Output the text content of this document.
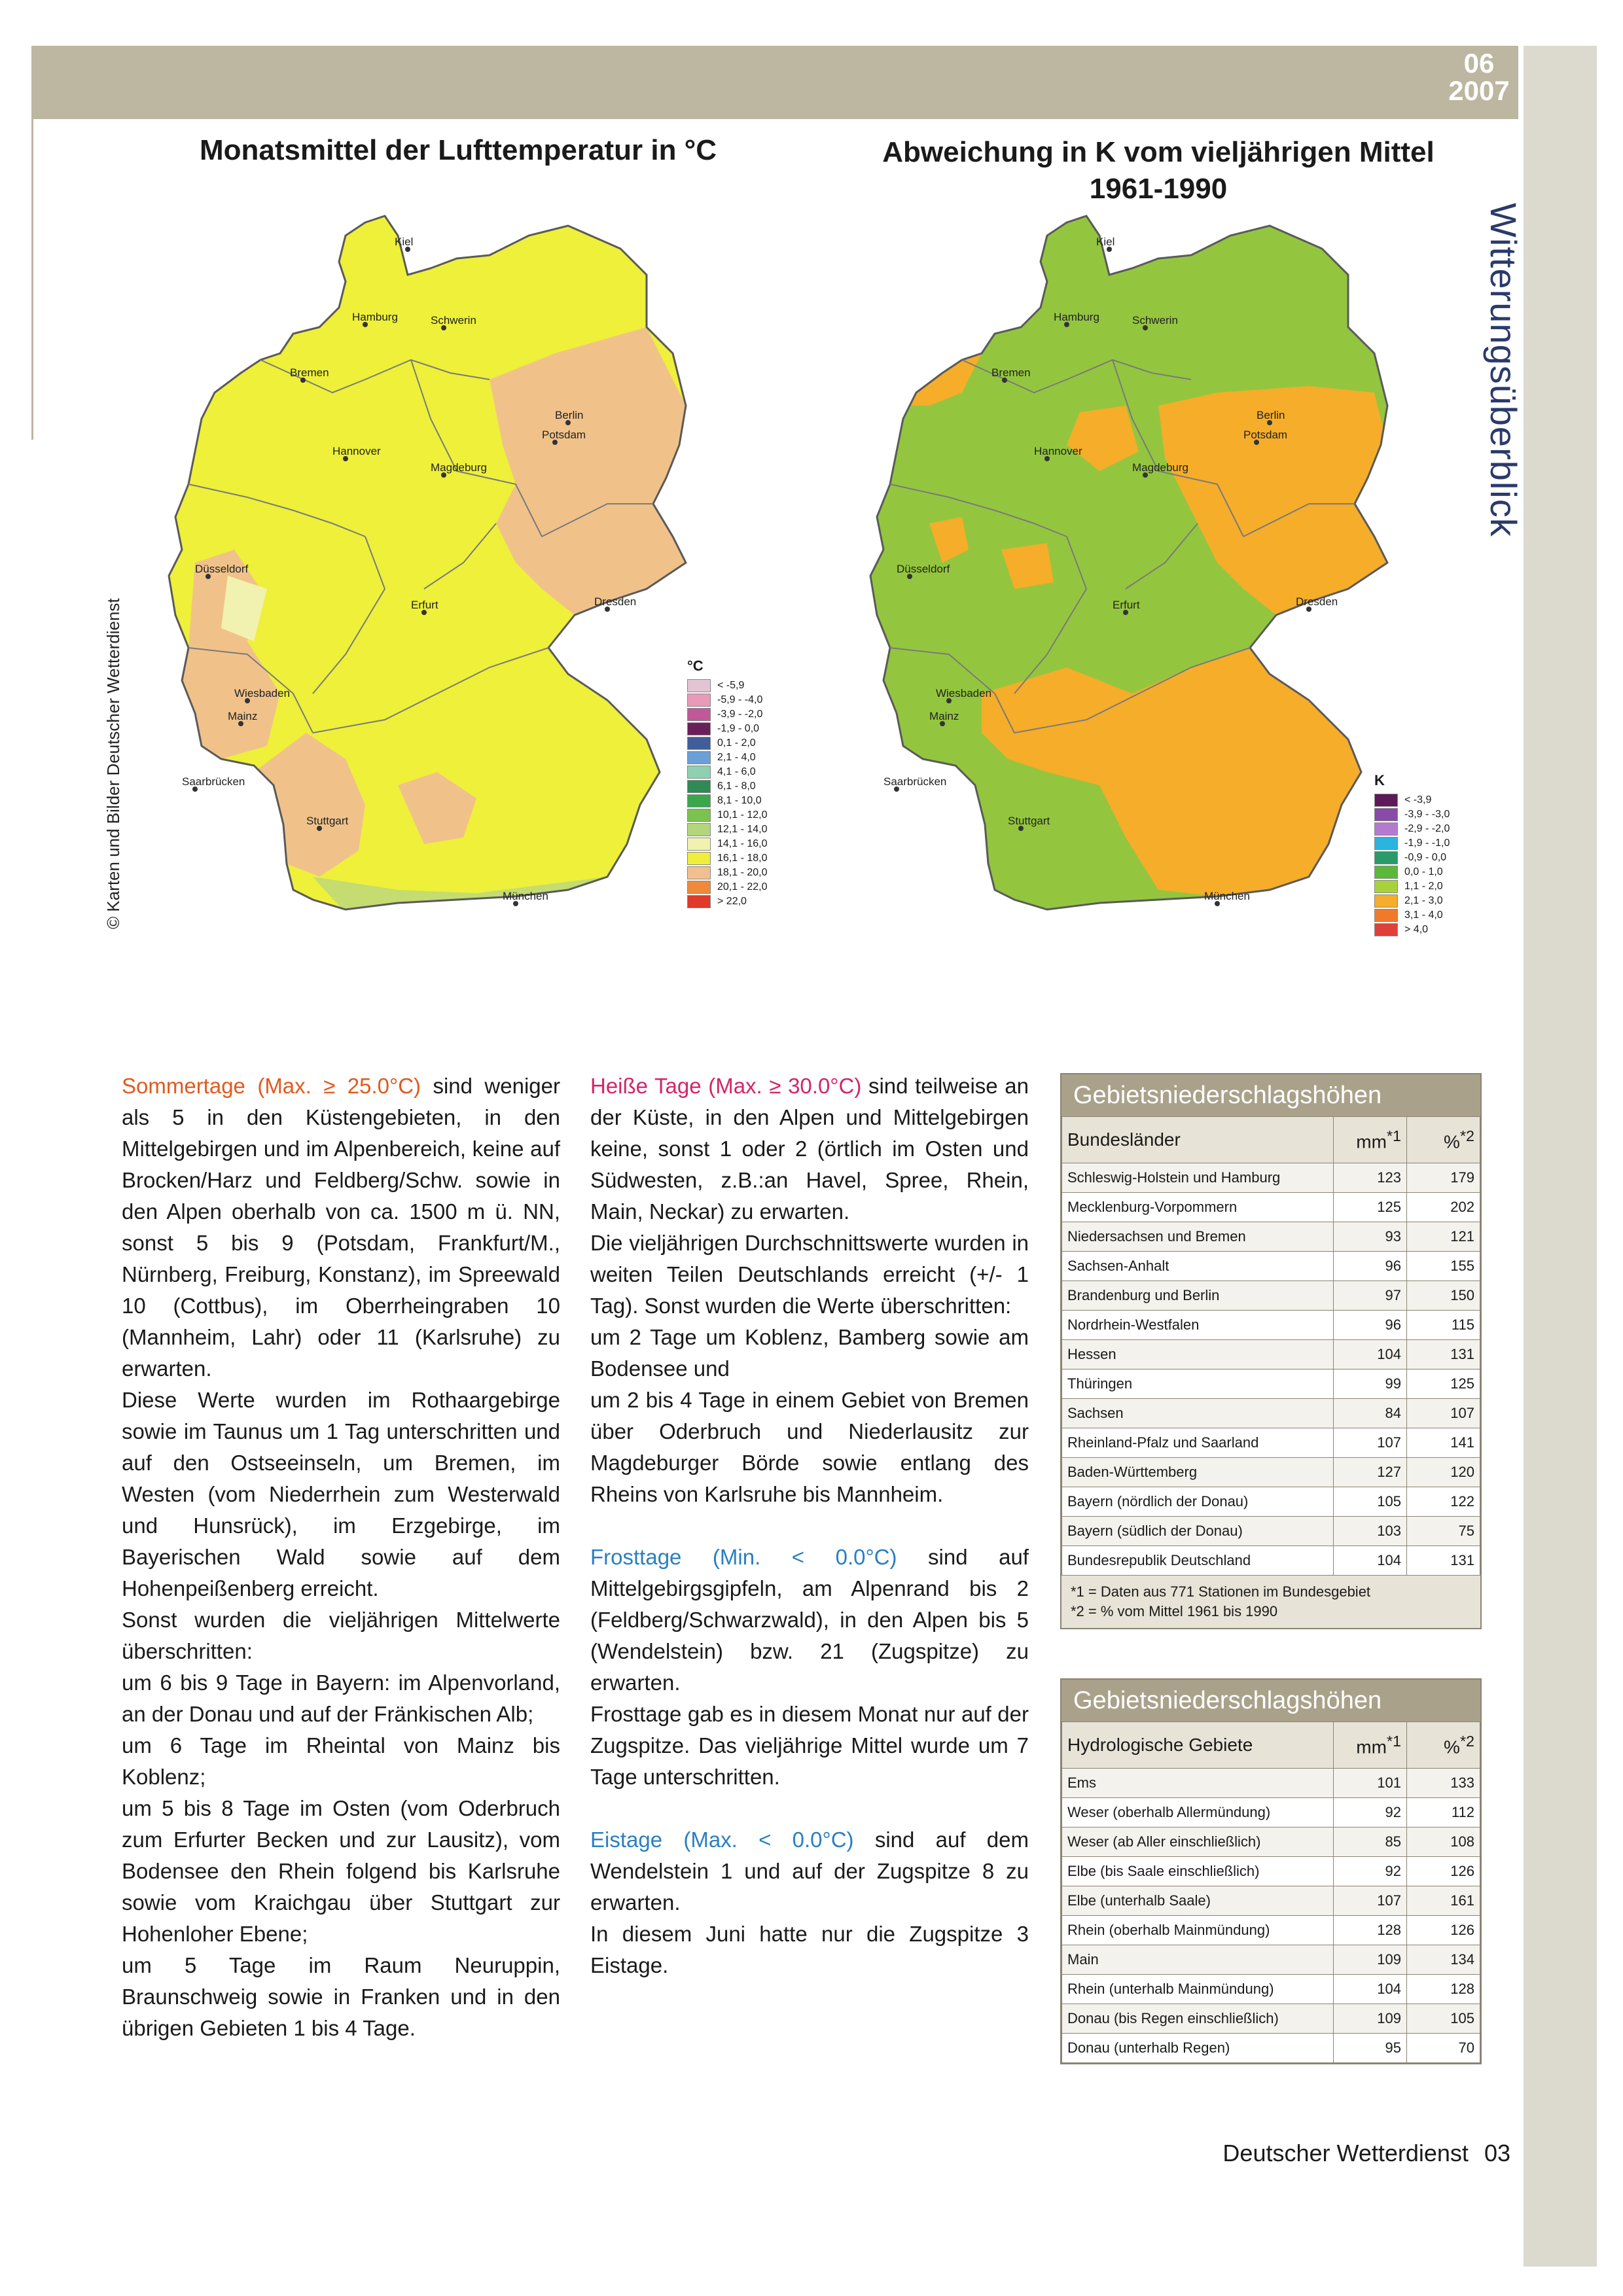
06
2007
Witterungsüberblick
Monatsmittel der Lufttemperatur in °C	Abweichung in K vom vieljährigen Mittel
1961-1990
© Karten und Bilder Deutscher Wetterdienst
Kiel
Hamburg	Schwerin
Bremen
Berlin
Hannover
Potsdam
Magdeburg
Düsseldorf
Erfurt	Dresden
Wiesbaden
Mainz
Saarbrücken
Stuttgart
München
°C
< -5,9
-5,9 - -4,0
-3,9 - -2,0
-1,9 - 0,0
0,1 - 2,0
2,1 - 4,0
4,1 - 6,0
6,1 - 8,0
8,1 - 10,0
10,1 - 12,0
12,1 - 14,0
14,1 - 16,0
16,1 - 18,0
18,1 - 20,0
20,1 - 22,0
> 22,0
Kiel
Hamburg	Schwerin
Bremen
Berlin
Hannover
Potsdam
Magdeburg
Düsseldorf
Erfurt	Dresden
Wiesbaden
Mainz
Saarbrücken
Stuttgart
München
K
< -3,9
-3,9 - -3,0
-2,9 - -2,0
-1,9 - -1,0
-0,9 - 0,0
0,0 - 1,0
1,1 - 2,0
2,1 - 3,0
3,1 - 4,0
> 4,0

Sommertage (Max. ≥ 25.0°C) sind weniger als 5 in den Küstengebieten, in den Mittelgebirgen und im Alpenbereich, keine auf Brocken/Harz und Feldberg/Schw. sowie in den Alpen oberhalb von ca. 1500 m ü. NN, sonst 5 bis 9 (Potsdam, Frankfurt/M., Nürnberg, Freiburg, Konstanz), im Spreewald 10 (Cottbus), im Oberrheingraben 10 (Mannheim, Lahr) oder 11 (Karlsruhe) zu erwarten.

Diese Werte wurden im Rothaargebirge sowie im Taunus um 1 Tag unterschritten und auf den Ostseeinseln, um Bremen, im Westen (vom Niederrhein zum Westerwald und Hunsrück), im Erzgebirge, im Bayerischen Wald sowie auf dem Hohenpeißenberg erreicht.

Sonst wurden die vieljährigen Mittelwerte überschritten:

um 6 bis 9 Tage in Bayern: im Alpenvorland, an der Donau und auf der Fränkischen Alb;

um 6 Tage im Rheintal von Mainz bis Koblenz;

um 5 bis 8 Tage im Osten (vom Oderbruch zum Erfurter Becken und zur Lausitz), vom Bodensee den Rhein folgend bis Karlsruhe sowie vom Kraichgau über Stuttgart zur Hohenloher Ebene;

um 5 Tage im Raum Neuruppin, Braunschweig sowie in Franken und in den übrigen Gebieten 1 bis 4 Tage.

Heiße Tage (Max. ≥ 30.0°C) sind teilweise an der Küste, in den Alpen und Mittelgebirgen keine, sonst 1 oder 2 (örtlich im Osten und Südwesten, z.B.:an Havel, Spree, Rhein, Main, Neckar) zu erwarten.

Die vieljährigen Durchschnittswerte wurden in weiten Teilen Deutschlands erreicht (+/- 1 Tag). Sonst wurden die Werte überschritten:

um 2 Tage um Koblenz, Bamberg sowie am Bodensee und

um 2 bis 4 Tage in einem Gebiet von Bremen über Oderbruch und Niederlausitz zur Magdeburger Börde sowie entlang des Rheins von Karlsruhe bis Mannheim.

Frosttage (Min. < 0.0°C) sind auf Mittelgebirgsgipfeln, am Alpenrand bis 2 (Feldberg/Schwarzwald), in den Alpen bis 5 (Wendelstein) bzw. 21 (Zugspitze) zu erwarten.

Frosttage gab es in diesem Monat nur auf der Zugspitze. Das vieljährige Mittel wurde um 7 Tage unterschritten.

Eistage (Max. < 0.0°C) sind auf dem Wendelstein 1 und auf der Zugspitze 8 zu erwarten.

In diesem Juni hatte nur die Zugspitze 3 Eistage.

Gebietsniederschlagshöhen
Bundesländer	$mm^{*1}$	%$^{*2}$
Schleswig-Holstein und Hamburg	123	179
Mecklenburg-Vorpommern	125	202
Niedersachsen und Bremen	93	121
Sachsen-Anhalt	96	155
Brandenburg und Berlin	97	150
Nordrhein-Westfalen	96	115
Hessen	104	131
Thüringen	99	125
Sachsen	84	107
Rheinland-Pfalz und Saarland	107	141
Baden-Württemberg	127	120
Bayern (nördlich der Donau)	105	122
Bayern (südlich der Donau)	103	75
Bundesrepublik Deutschland	104	131
*1 = Daten aus 771 Stationen im Bundesgebiet
*2 = % vom Mittel 1961 bis 1990
Gebietsniederschlagshöhen
Hydrologische Gebiete	$mm^{*1}$	%$^{*2}$
Ems	101	133
Weser (oberhalb Allermündung)	92	112
Weser (ab Aller einschließlich)	85	108
Elbe (bis Saale einschließlich)	92	126
Elbe (unterhalb Saale)	107	161
Rhein (oberhalb Mainmündung)	128	126
Main	109	134
Rhein (unterhalb Mainmündung)	104	128
Donau (bis Regen einschließlich)	109	105
Donau (unterhalb Regen)	95	70
Deutscher Wetterdienst 03
